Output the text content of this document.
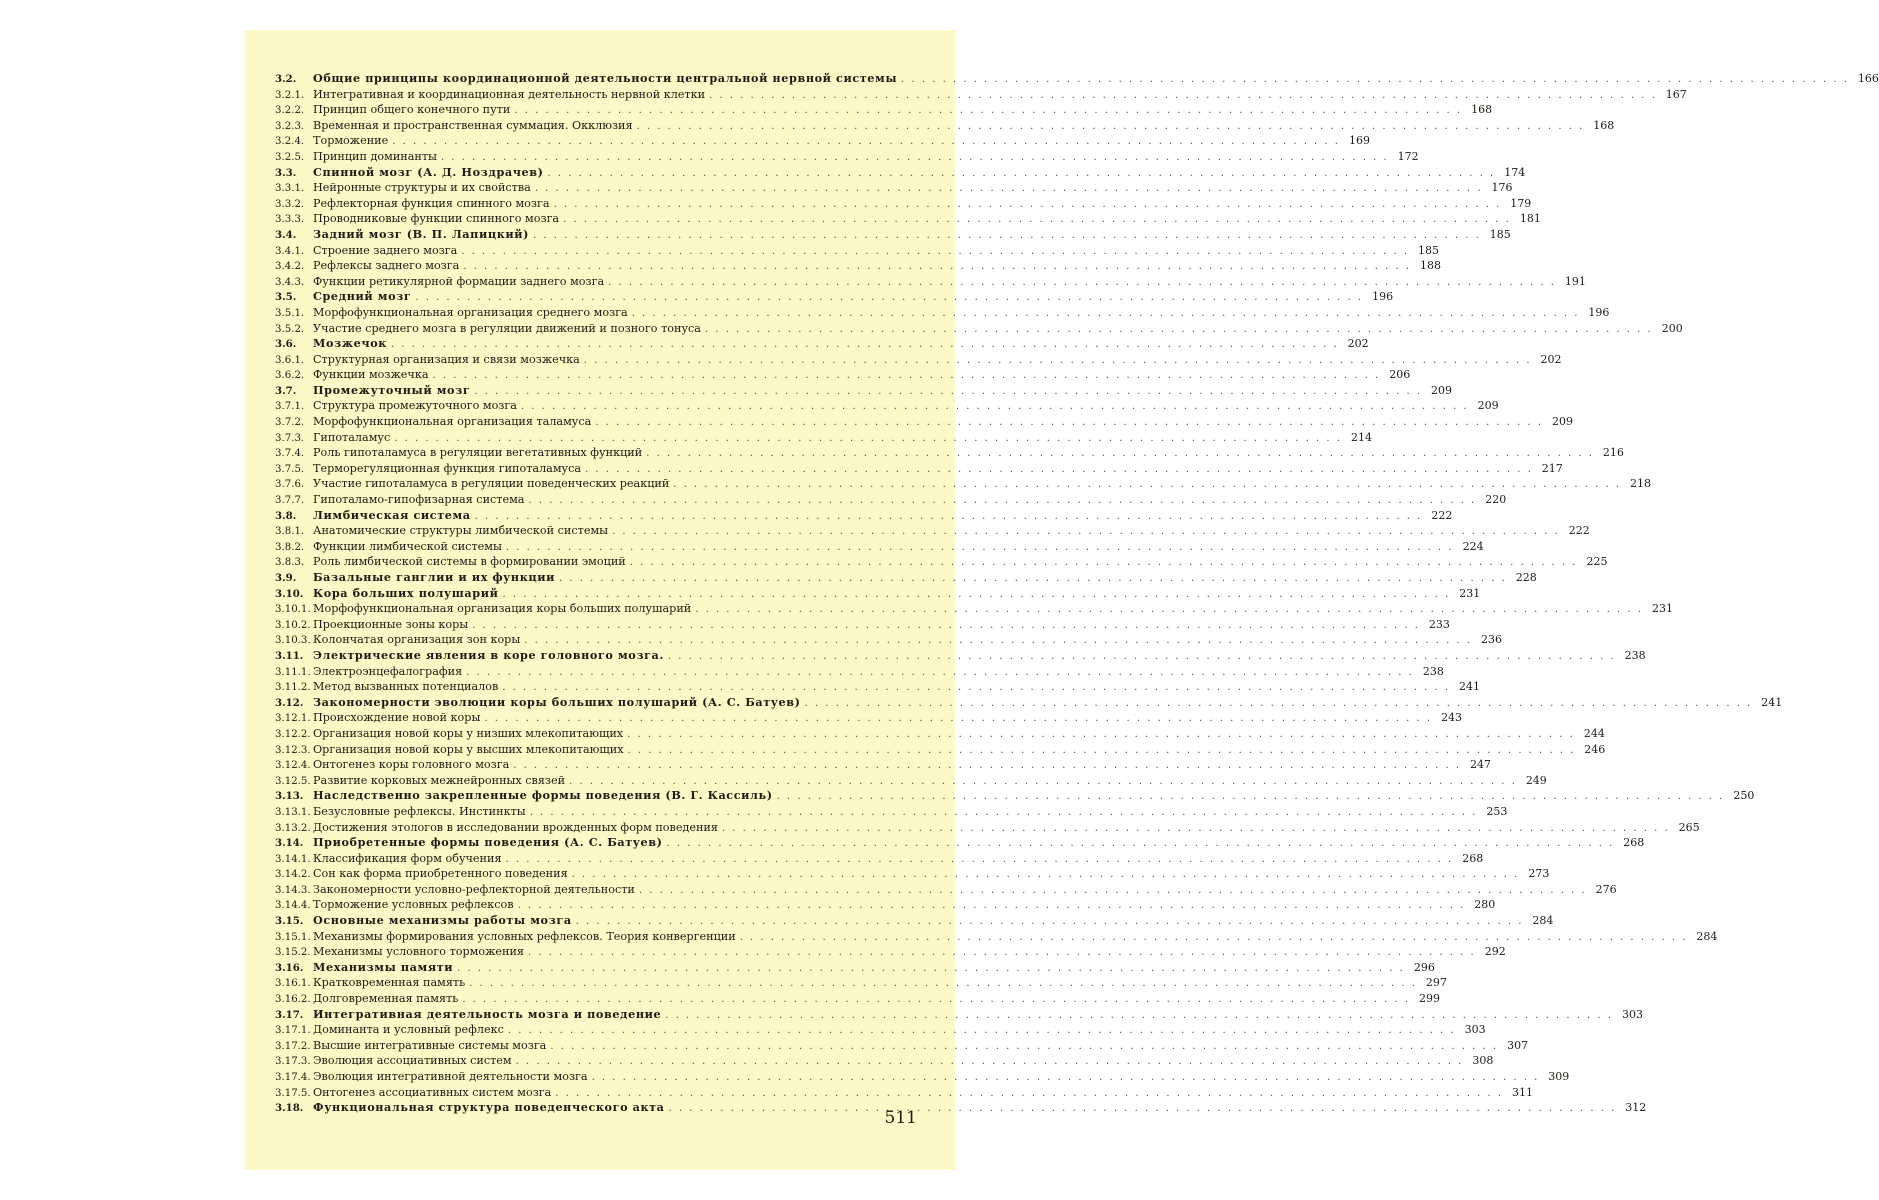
3.2.	Общие принципы координационной деятельности центральной нервной системы . . .	166
3.2.1. Интегративная и координационная деятельность нервной клетки . . .	167
3.2.2. Принцип общего конечного пути . . .	168
3.2.3. Временная и пространственная суммация. Окклюзия . . .	168
3.2.4. Торможение . . .	169
3.2.5. Принцип доминанты . . .	172
3.3.	Спинной мозг (А. Д. Ноздрачев) . . .	174
3.3.1. Нейронные структуры и их свойства . . .	176
3.3.2. Рефлекторная функция спинного мозга . . .	179
3.3.3. Проводниковые функции спинного мозга . . .	181
3.4.	Задний мозг (В. П. Лапицкий) . . .	185
3.4.1. Строение заднего мозга . . .	185
3.4.2. Рефлексы заднего мозга . . .	188
3.4.3. Функции ретикулярной формации заднего мозга . . .	191
3.5.	Средний мозг . . .	196
3.5.1. Морфофункциональная организация среднего мозга . . .	196
3.5.2. Участие среднего мозга в регуляции движений и позного тонуса . . .	200
3.6.	Мозжечок . . .	202
3.6.1. Структурная организация и связи мозжечка . . .	202
3.6.2. Функции мозжечка . . .	206
3.7.	Промежуточный мозг . . .	209
3.7.1. Структура промежуточного мозга . . .	209
3.7.2. Морфофункциональная организация таламуса . . .	209
3.7.3. Гипоталамус . . .	214
3.7.4. Роль гипоталамуса в регуляции вегетативных функций . . .	216
3.7.5. Терморегуляционная функция гипоталамуса . . .	217
3.7.6. Участие гипоталамуса в регуляции поведенческих реакций . . .	218
3.7.7. Гипоталамо-гипофизарная система . . .	220
3.8.	Лимбическая система . . .	222
3.8.1. Анатомические структуры лимбической системы . . .	222
3.8.2. Функции лимбической системы . . .	224
3.8.3. Роль лимбической системы в формировании эмоций . . .	225
3.9.	Базальные ганглии и их функции . . .	228
3.10. Кора больших полушарий . . .	231
3.10.1. Морфофункциональная организация коры больших полушарий . . .	231
3.10.2. Проекционные зоны коры . . .	233
3.10.3. Колончатая организация зон коры . . .	236
3.11. Электрические явления в коре головного мозга. . . .	238
3.11.1. Электроэнцефалография . . .	238
3.11.2. Метод вызванных потенциалов . . .	241
3.12. Закономерности эволюции коры больших полушарий (А. С. Батуев) . . .	241
3.12.1. Происхождение новой коры . . .	243
3.12.2. Организация новой коры у низших млекопитающих . . .	244
3.12.3. Организация новой коры у высших млекопитающих . . .	246
3.12.4. Онтогенез коры головного мозга . . .	247
3.12.5. Развитие корковых межнейронных связей . . .	249
3.13. Наследственно закрепленные формы поведения (В. Г. Кассиль) . . .	250
3.13.1. Безусловные рефлексы. Инстинкты . . .	253
3.13.2. Достижения этологов в исследовании врожденных форм поведения . . .	265
3.14. Приобретенные формы поведения (А. С. Батуев) . . .	268
3.14.1. Классификация форм обучения . . .	268
3.14.2. Сон как форма приобретенного поведения . . .	273
3.14.3. Закономерности условно-рефлекторной деятельности . . .	276
3.14.4. Торможение условных рефлексов . . .	280
3.15. Основные механизмы работы мозга . . .	284
3.15.1. Механизмы формирования условных рефлексов. Теория конвергенции . . .	284
3.15.2. Механизмы условного торможения . . .	292
3.16. Механизмы памяти . . .	296
3.16.1. Кратковременная память . . .	297
3.16.2. Долговременная память . . .	299
3.17. Интегративная деятельность мозга и поведение . . .	303
3.17.1. Доминанта и условный рефлекс . . .	303
3.17.2. Высшие интегративные системы мозга . . .	307
3.17.3. Эволюция ассоциативных систем . . .	308
3.17.4. Эволюция интегративной деятельности мозга . . .	309
3.17.5. Онтогенез ассоциативных систем мозга . . .	311
3.18. Функциональная структура поведенческого акта . . .	312
511
